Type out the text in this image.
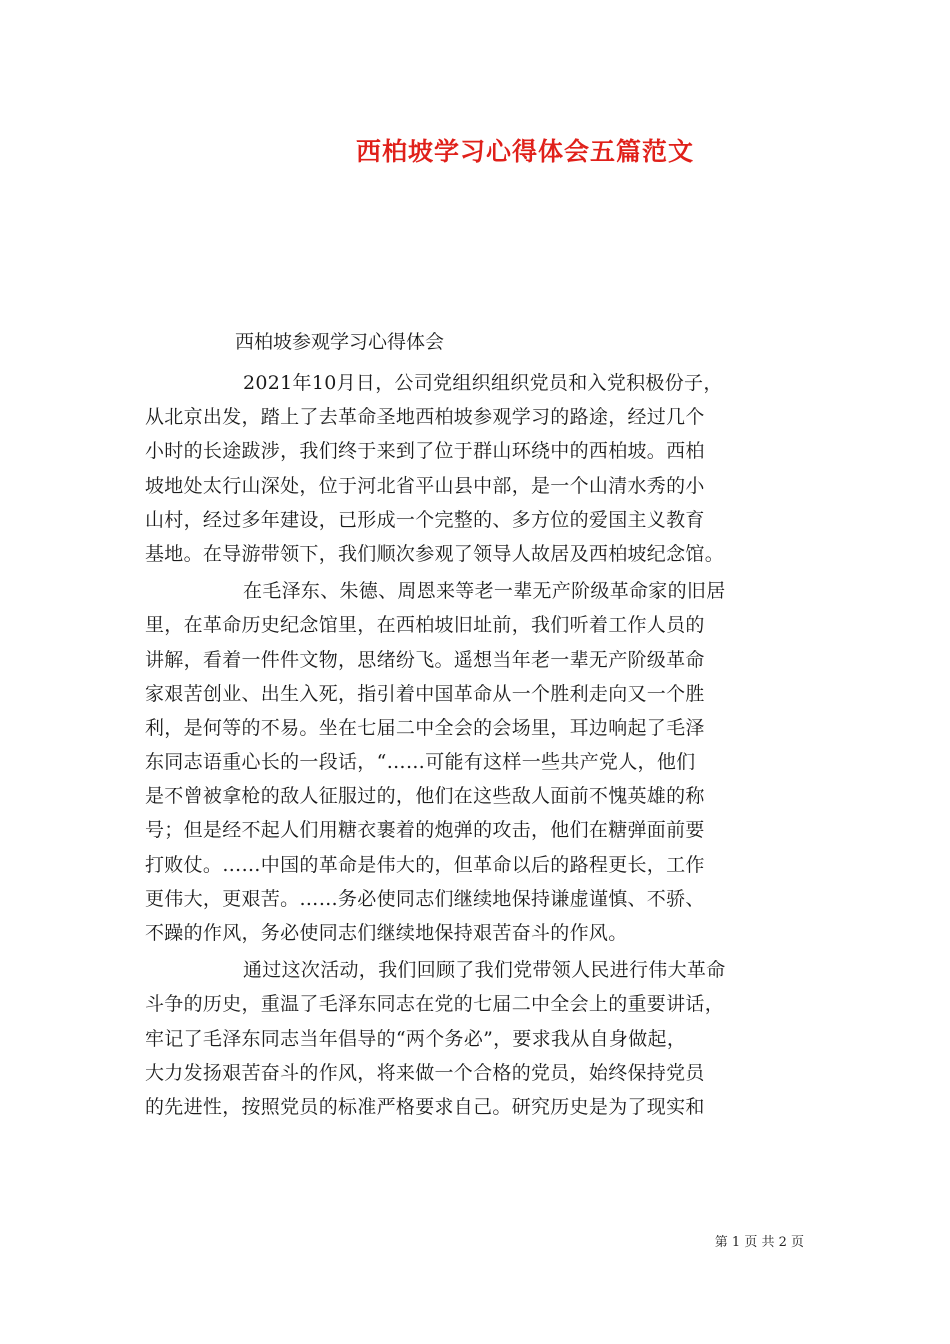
西柏坡学习心得体会五篇范文
西柏坡参观学习心得体会

2021年10月日，公司党组织组织党员和入党积极份子，
从北京出发，踏上了去革命圣地西柏坡参观学习的路途，经过几个
小时的长途跋涉，我们终于来到了位于群山环绕中的西柏坡。西柏
坡地处太行山深处，位于河北省平山县中部，是一个山清水秀的小
山村，经过多年建设，已形成一个完整的、多方位的爱国主义教育
基地。在导游带领下，我们顺次参观了领导人故居及西柏坡纪念馆。

在毛泽东、朱德、周恩来等老一辈无产阶级革命家的旧居
里，在革命历史纪念馆里，在西柏坡旧址前，我们听着工作人员的
讲解，看着一件件文物，思绪纷飞。遥想当年老一辈无产阶级革命
家艰苦创业、出生入死，指引着中国革命从一个胜利走向又一个胜
利，是何等的不易。坐在七届二中全会的会场里，耳边响起了毛泽
东同志语重心长的一段话，“……可能有这样一些共产党人，他们
是不曾被拿枪的敌人征服过的，他们在这些敌人面前不愧英雄的称
号；但是经不起人们用糖衣裹着的炮弹的攻击，他们在糖弹面前要
打败仗。……中国的革命是伟大的，但革命以后的路程更长，工作
更伟大，更艰苦。……务必使同志们继续地保持谦虚谨慎、不骄、
不躁的作风，务必使同志们继续地保持艰苦奋斗的作风。

通过这次活动，我们回顾了我们党带领人民进行伟大革命
斗争的历史，重温了毛泽东同志在党的七届二中全会上的重要讲话，
牢记了毛泽东同志当年倡导的“两个务必”，要求我从自身做起，
大力发扬艰苦奋斗的作风，将来做一个合格的党员，始终保持党员
的先进性，按照党员的标准严格要求自己。研究历史是为了现实和

第 1 页 共 2 页
